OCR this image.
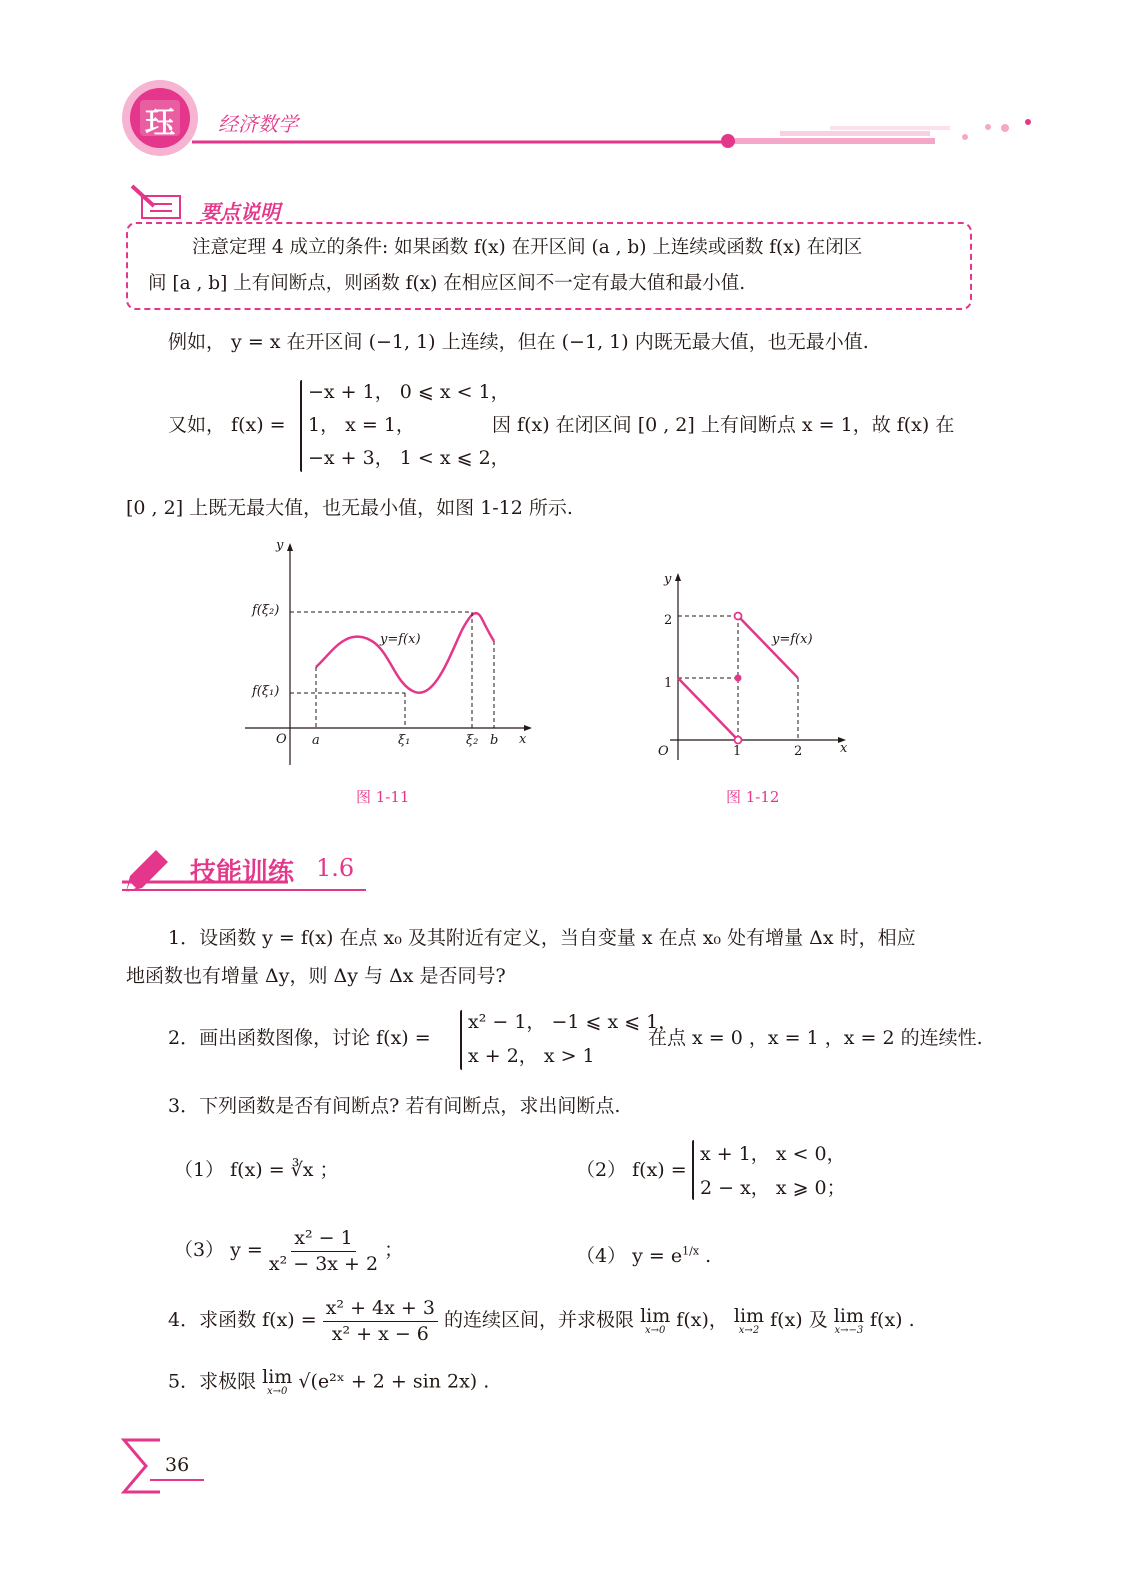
珏 经济数学
要点说明
注意定理 4 成立的条件: 如果函数 f(x) 在开区间 (a , b) 上连续或函数 f(x) 在闭区
间 [a , b] 上有间断点，则函数 f(x) 在相应区间不一定有最大值和最小值.
例如， y = x 在开区间 (−1, 1) 上连续，但在 (−1, 1) 内既无最大值，也无最小值.
又如， f(x) =
−x + 1， 0 ⩽ x < 1，
1， x = 1，
−x + 3， 1 < x ⩽ 2，
因 f(x) 在闭区间 [0 , 2] 上有间断点 x = 1，故 f(x) 在
[0 , 2] 上既无最大值，也无最小值，如图 1-12 所示.
y
x
O
y=f(x)
f(ξ₂)
f(ξ₁)
a	ξ₁	ξ₂ b
图 1-11
y
x
O
y=f(x)
2
1
1	2
图 1-12
技能训练 1.6
1．设函数 y = f(x) 在点 x₀ 及其附近有定义，当自变量 x 在点 x₀ 处有增量 Δx 时，相应
地函数也有增量 Δy，则 Δy 与 Δx 是否同号?
2．画出函数图像，讨论 f(x) =
x² − 1， −1 ⩽ x ⩽ 1，
x + 2， x > 1
在点 x = 0 ，x = 1 ，x = 2 的连续性.
3．下列函数是否有间断点? 若有间断点，求出间断点.
（1） f(x) = ∛x ；	（2） f(x) =
x + 1， x < 0，
2 − x， x ⩾ 0；
（3） $y = \frac{\text{x² − 1}}{\text{x² − 3x + 2}}$ ；	（4） $y = e^{1/x}$ .
4．求函数 $f(x) = \frac{\text{x² + 4x + 3}}{\text{x² + x − 6}}$ 的连续区间，并求极限 lim
x→0 f(x)， lim
x→2 f(x) 及 lim
x→−3 f(x) .
5．求极限 lim
x→0 √(e²ˣ + 2 + sin 2x) .
36
